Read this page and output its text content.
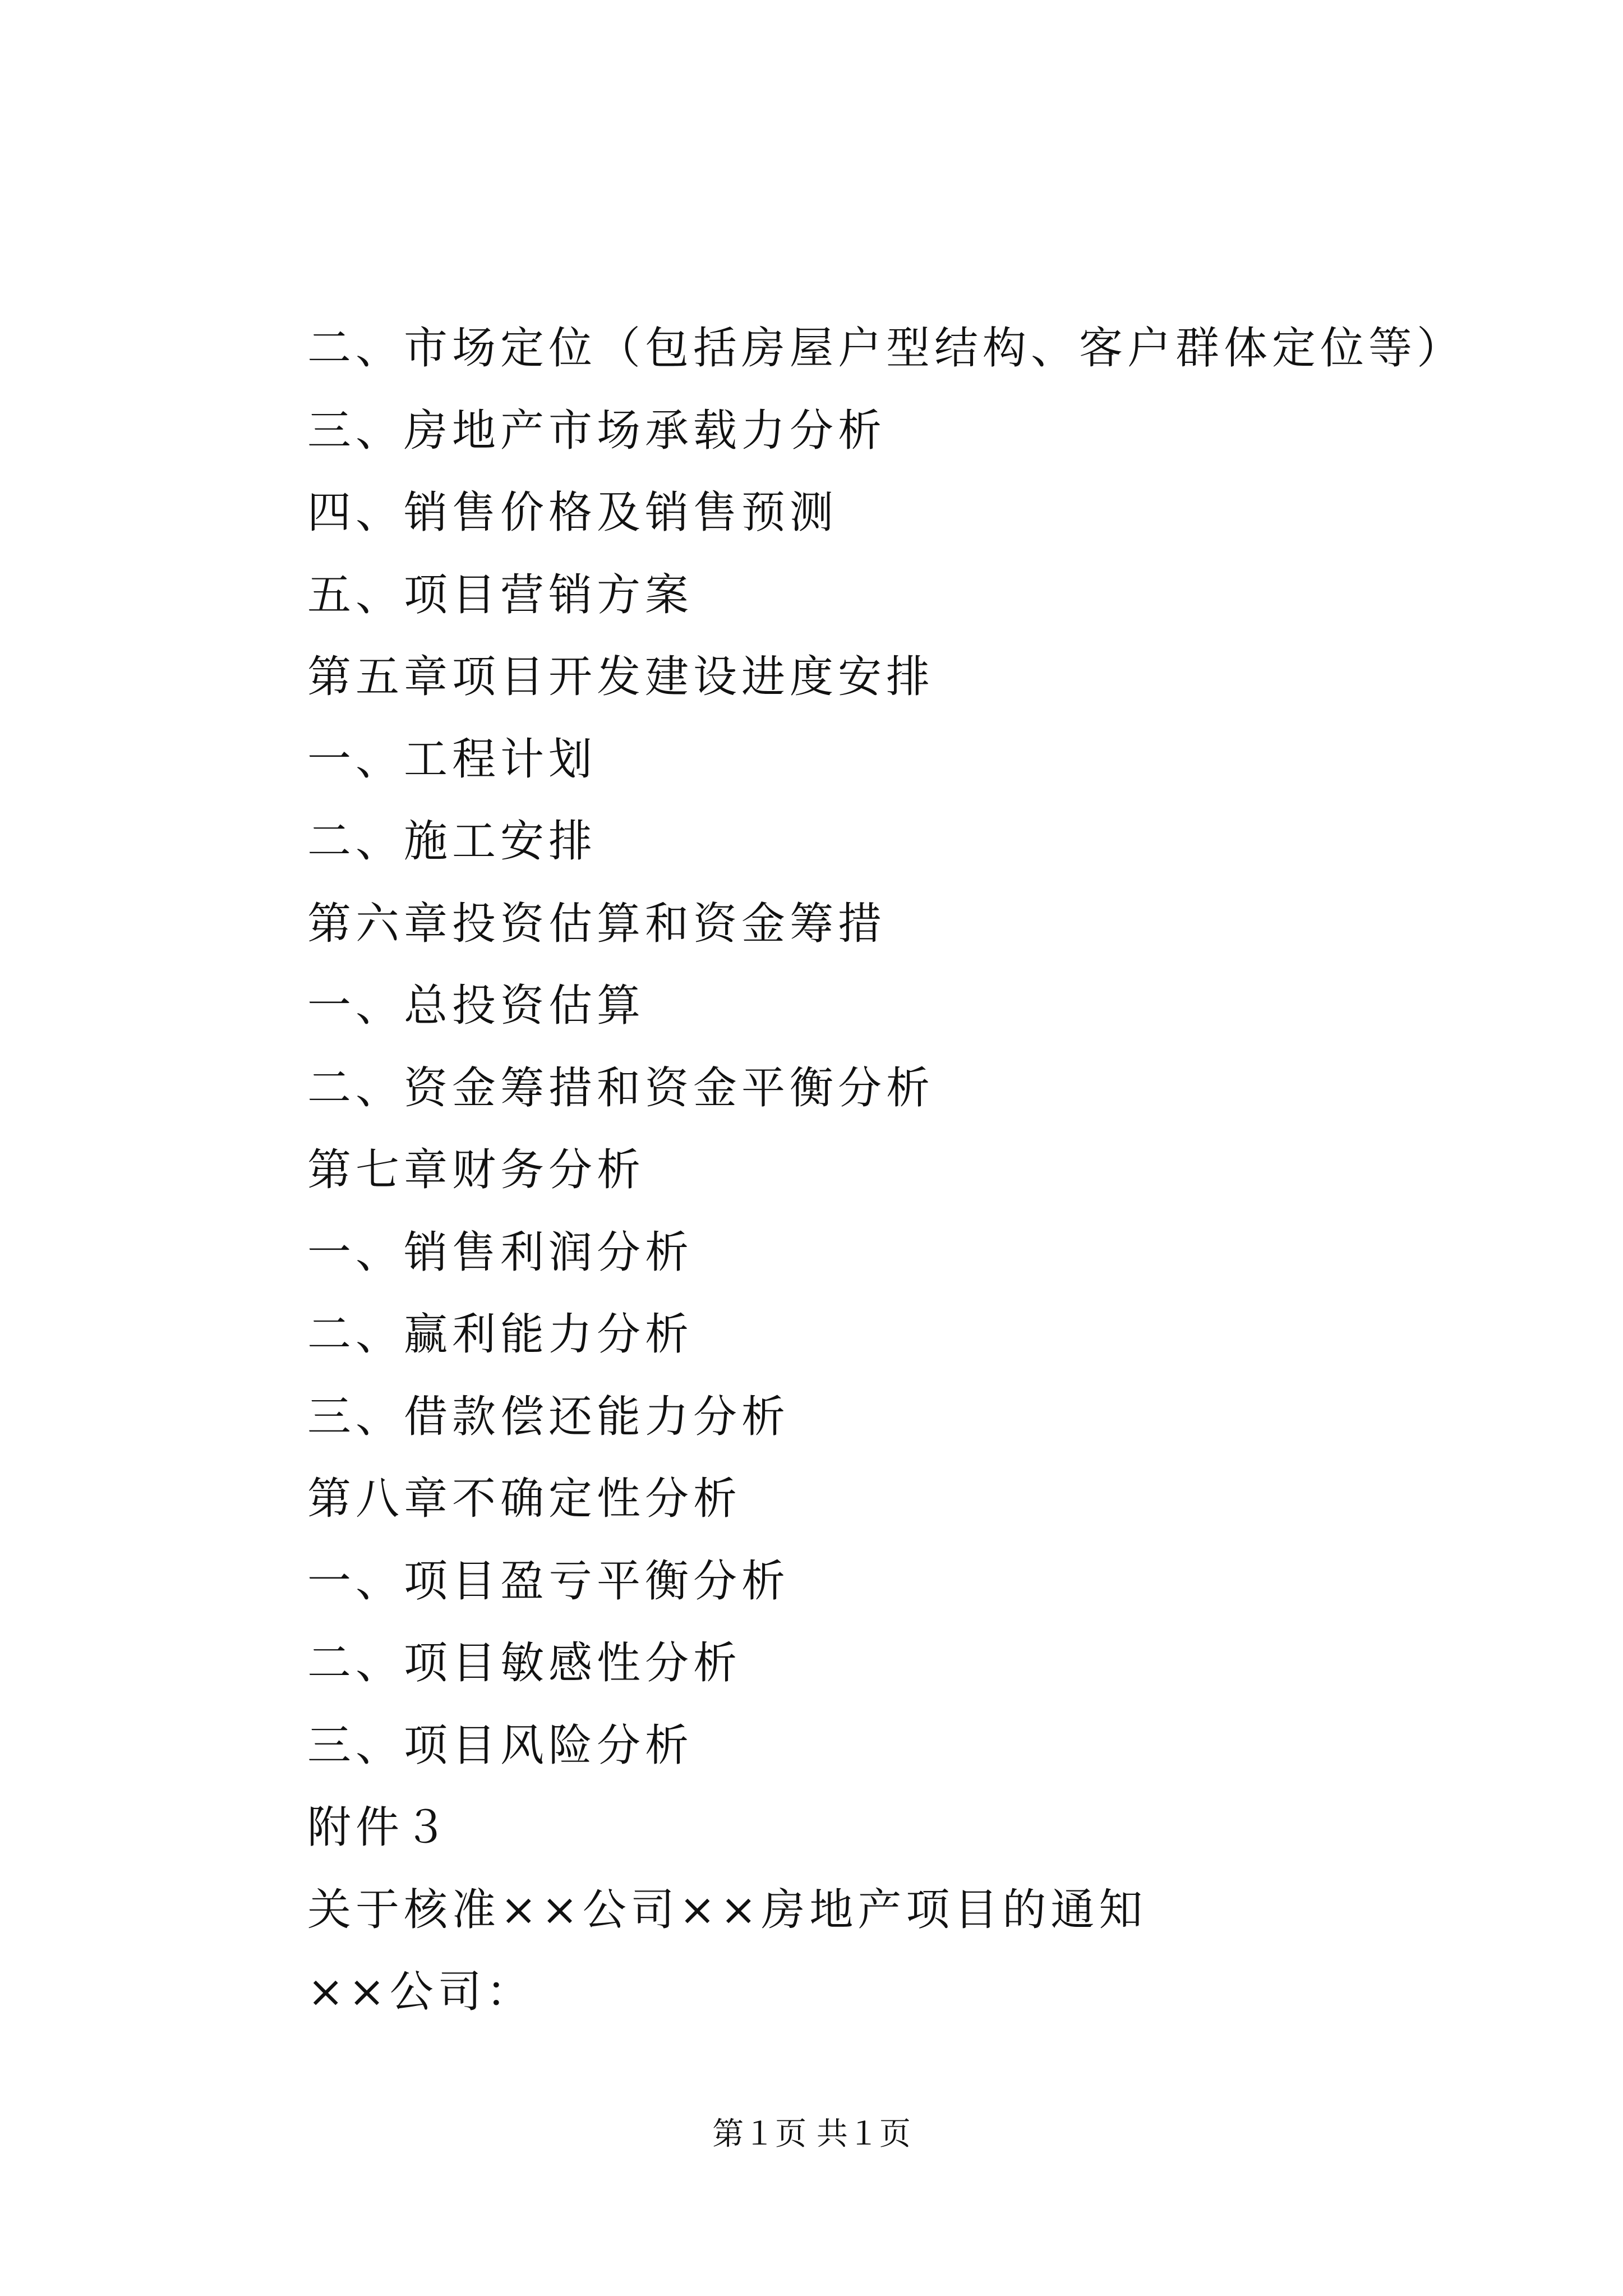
二、市场定位（包括房屋户型结构、客户群体定位等）
三、房地产市场承载力分析
四、销售价格及销售预测
五、项目营销方案
第五章项目开发建设进度安排
一、工程计划
二、施工安排
第六章投资估算和资金筹措
一、总投资估算
二、资金筹措和资金平衡分析
第七章财务分析
一、销售利润分析
二、赢利能力分析
三、借款偿还能力分析
第八章不确定性分析
一、项目盈亏平衡分析
二、项目敏感性分析
三、项目风险分析
附件３
关于核准××公司××房地产项目的通知
××公司：
第１页 共１页
